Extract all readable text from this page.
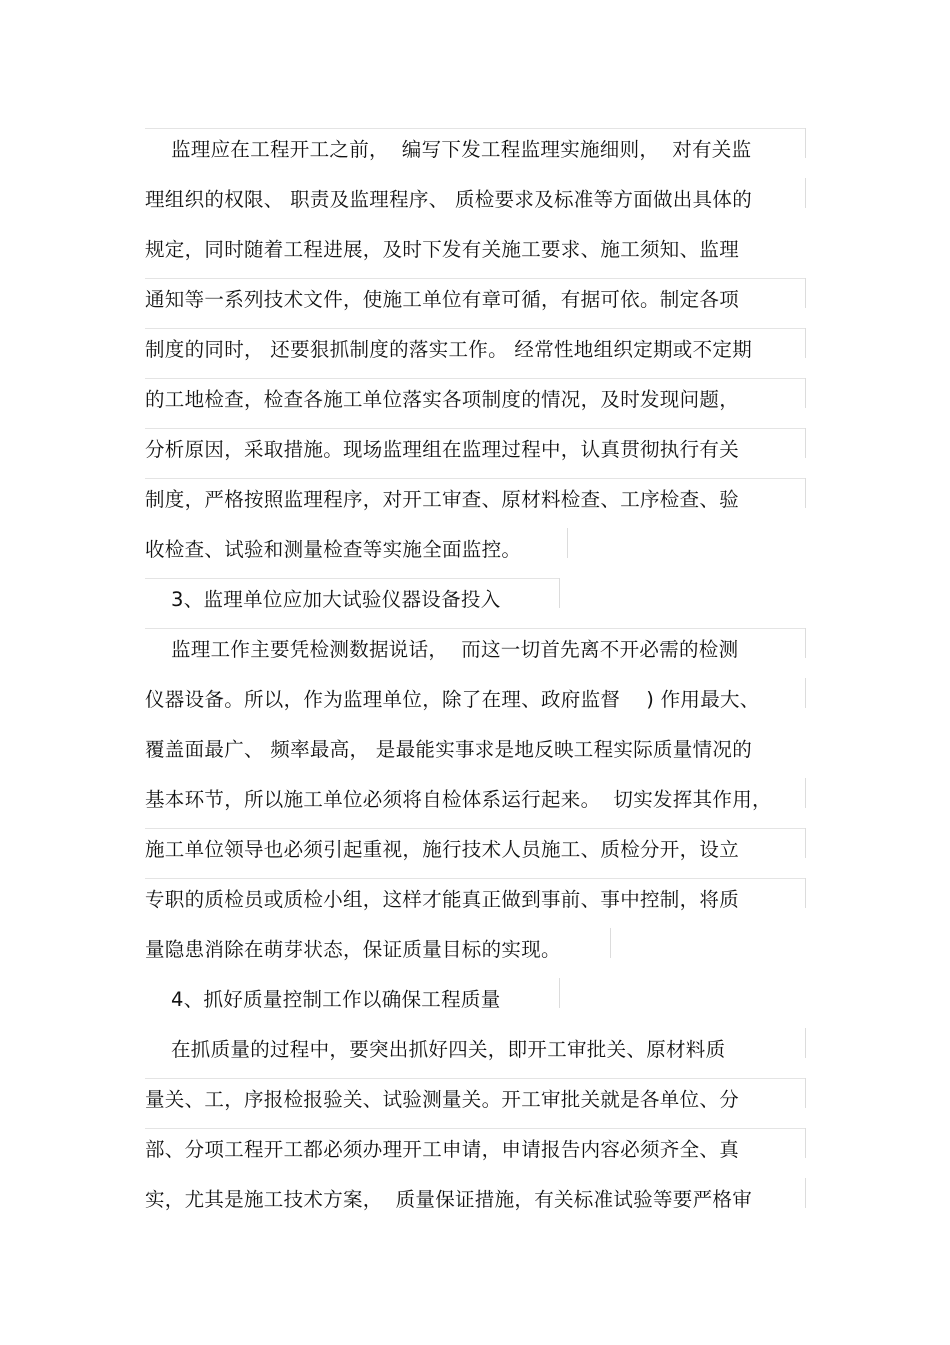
监理应在工程开工之前，  编写下发工程监理实施细则，  对有关监
理组织的权限、 职责及监理程序、 质检要求及标准等方面做出具体的
规定，同时随着工程进展，及时下发有关施工要求、施工须知、监理
通知等一系列技术文件，使施工单位有章可循，有据可依。制定各项
制度的同时， 还要狠抓制度的落实工作。 经常性地组织定期或不定期
的工地检查，检查各施工单位落实各项制度的情况，及时发现问题，
分析原因，采取措施。现场监理组在监理过程中，认真贯彻执行有关
制度，严格按照监理程序，对开工审查、原材料检查、工序检查、验
收检查、试验和测量检查等实施全面监控。
3、监理单位应加大试验仪器设备投入
监理工作主要凭检测数据说话，  而这一切首先离不开必需的检测
仪器设备。所以，作为监理单位，除了在理、政府监督    ) 作用最大、
覆盖面最广、 频率最高， 是最能实事求是地反映工程实际质量情况的
基本环节，所以施工单位必须将自检体系运行起来。  切实发挥其作用，
施工单位领导也必须引起重视，施行技术人员施工、质检分开，设立
专职的质检员或质检小组，这样才能真正做到事前、事中控制，将质
量隐患消除在萌芽状态，保证质量目标的实现。
4、抓好质量控制工作以确保工程质量
在抓质量的过程中，要突出抓好四关，即开工审批关、原材料质
量关、工，序报检报验关、试验测量关。开工审批关就是各单位、分
部、分项工程开工都必须办理开工申请，申请报告内容必须齐全、真
实，尤其是施工技术方案，  质量保证措施，有关标准试验等要严格审
